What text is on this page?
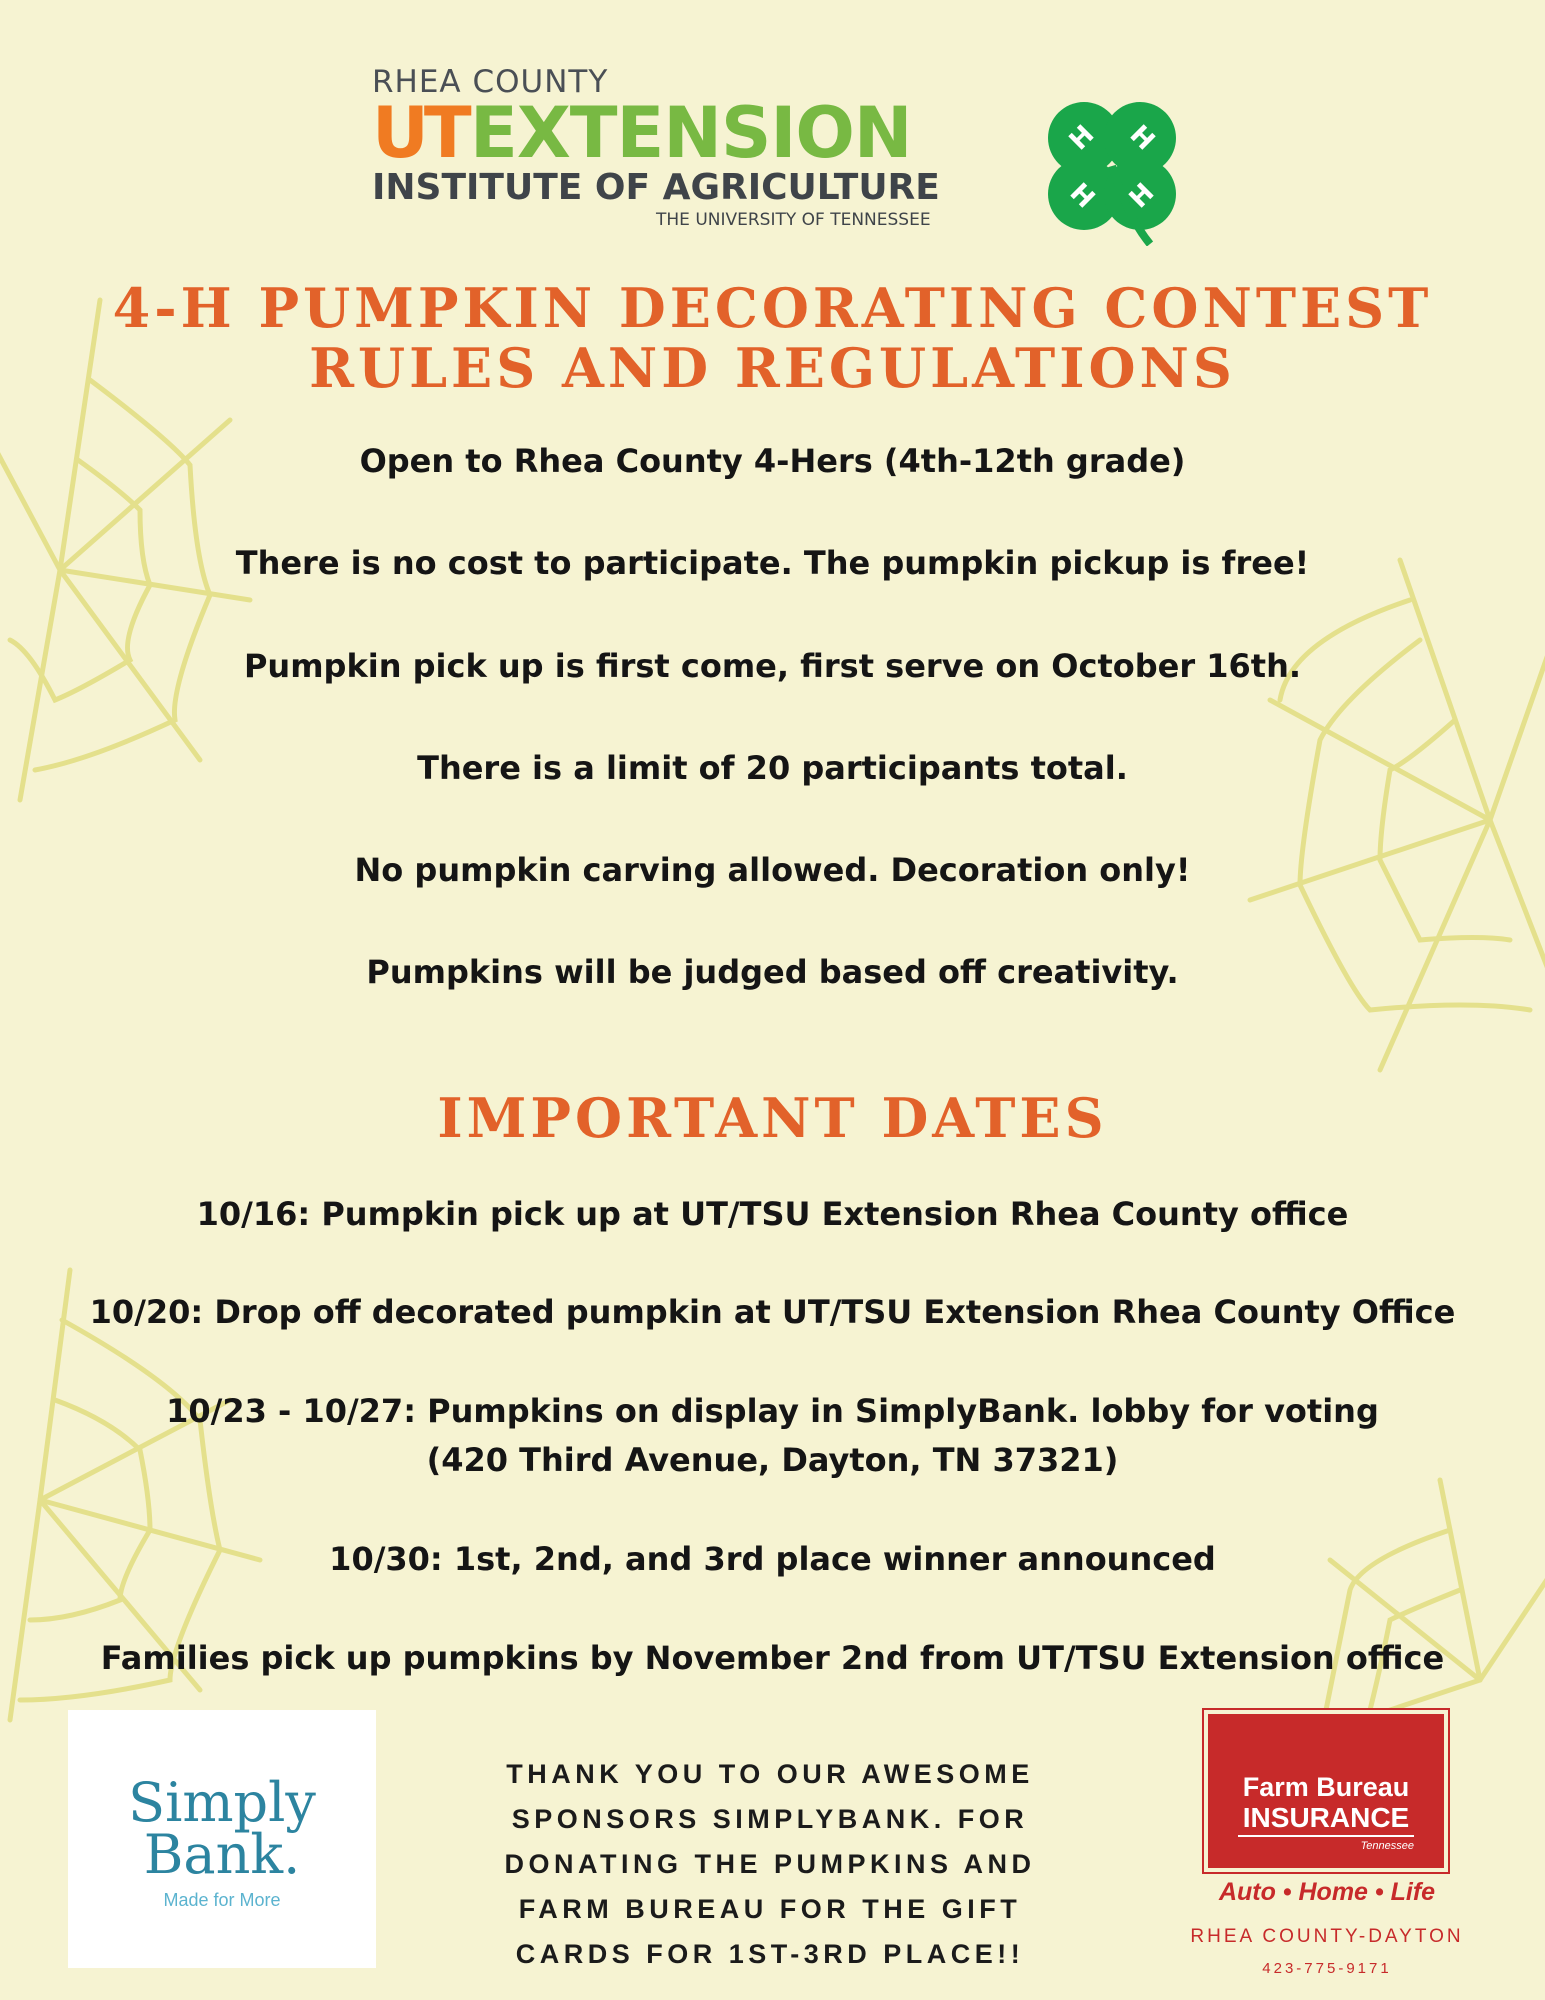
RHEA COUNTY
UT EXTENSION
INSTITUTE OF AGRICULTURE
THE UNIVERSITY OF TENNESSEE
H H
H H
4-H PUMPKIN DECORATING CONTEST
RULES AND REGULATIONS
Open to Rhea County 4-Hers (4th-12th grade)
There is no cost to participate. The pumpkin pickup is free!
Pumpkin pick up is first come, first serve on October 16th.
There is a limit of 20 participants total.
No pumpkin carving allowed. Decoration only!
Pumpkins will be judged based off creativity.
IMPORTANT DATES
10/16: Pumpkin pick up at UT/TSU Extension Rhea County office
10/20: Drop off decorated pumpkin at UT/TSU Extension Rhea County Office
10/23 - 10/27: Pumpkins on display in SimplyBank. lobby for voting
(420 Third Avenue, Dayton, TN 37321)
10/30: 1st, 2nd, and 3rd place winner announced
Families pick up pumpkins by November 2nd from UT/TSU Extension office
Simply
Bank.
Made for More
THANK YOU TO OUR AWESOME
SPONSORS SIMPLYBANK. FOR
DONATING THE PUMPKINS AND
FARM BUREAU FOR THE GIFT
CARDS FOR 1ST-3RD PLACE!!
Farm Bureau
INSURANCE
Tennessee
Auto • Home • Life
RHEA COUNTY-DAYTON
423-775-9171
